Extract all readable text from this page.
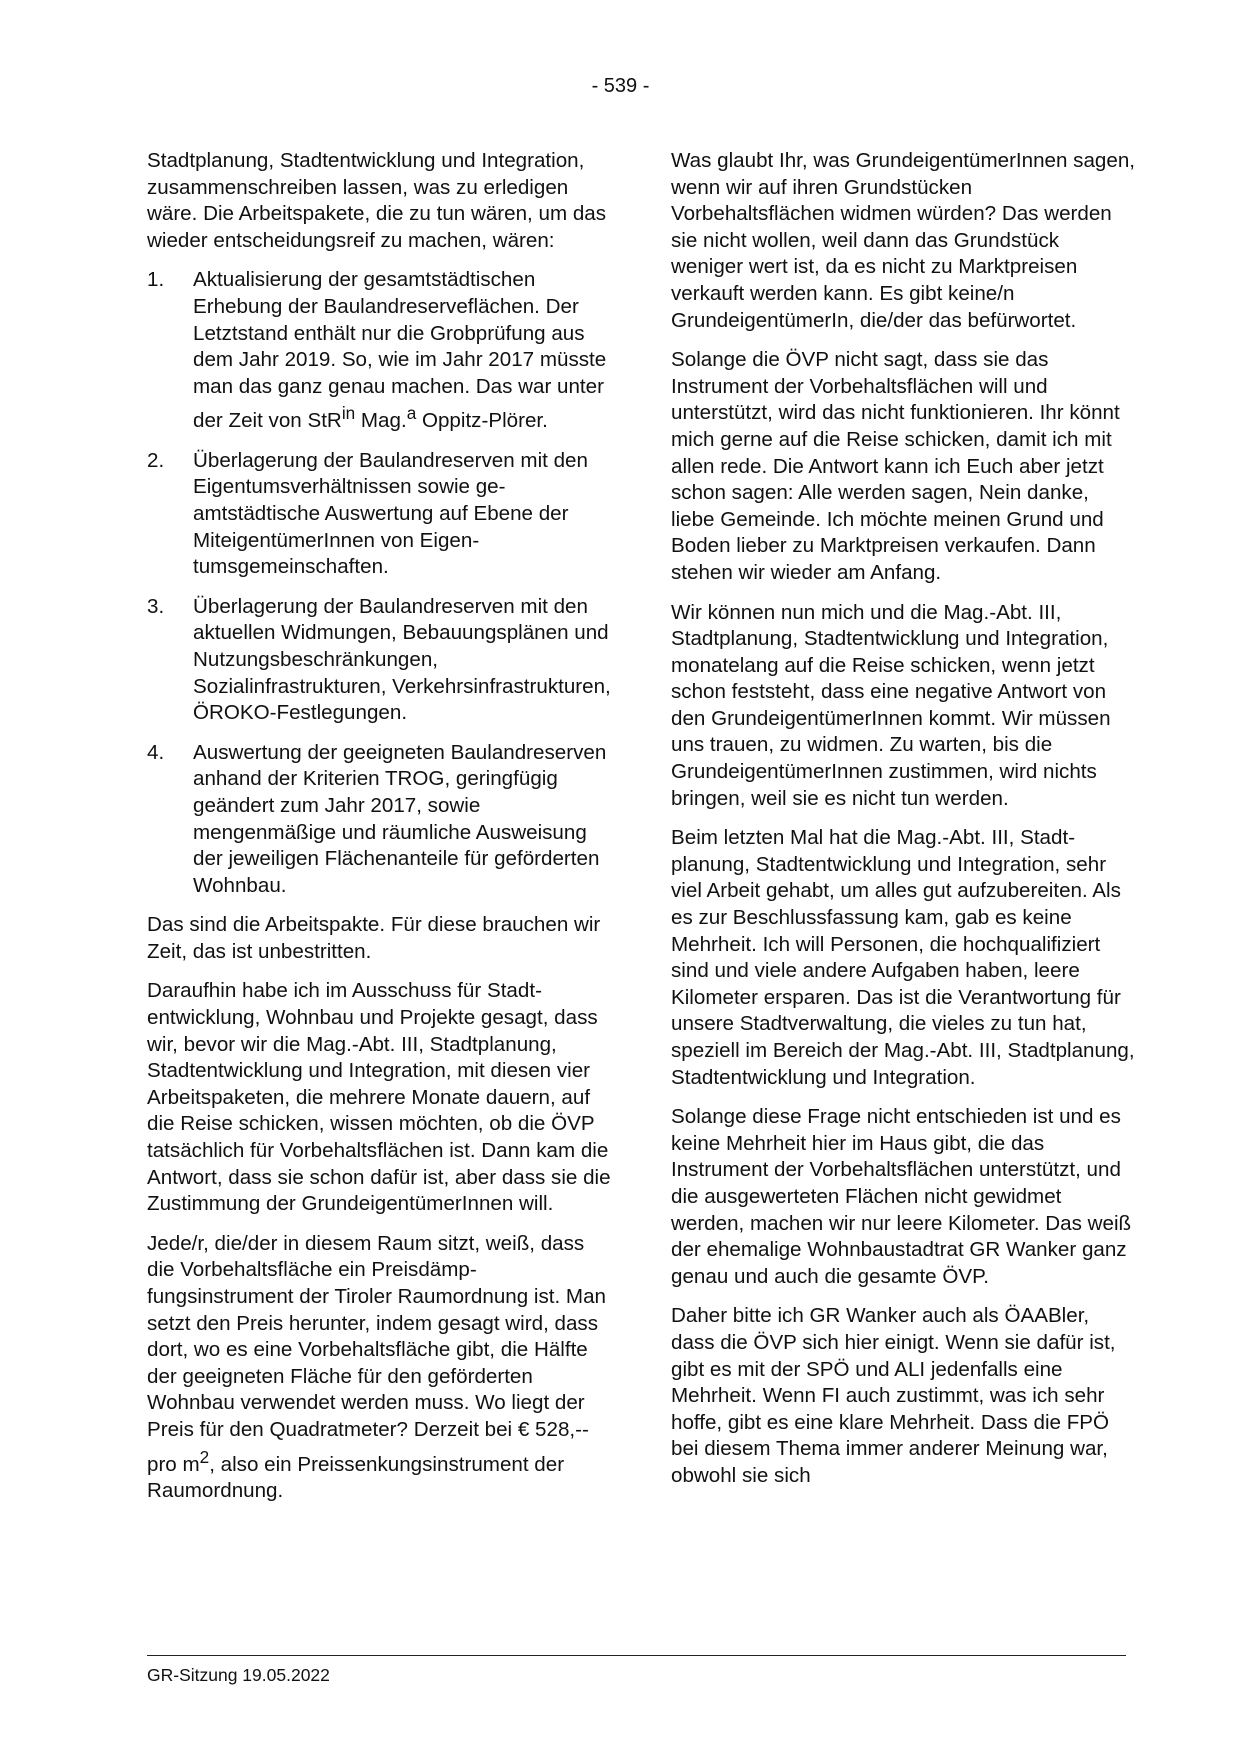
- 539 -

Stadtplanung, Stadtentwicklung und Integration, zusammenschreiben lassen, was zu erledigen wäre. Die Arbeitspakete, die zu tun wären, um das wieder entscheidungsreif zu machen, wären:

1.	Aktualisierung der gesamtstädtischen Erhebung der Baulandreserveflächen. Der Letztstand enthält nur die Grobprüfung aus dem Jahr 2019. So, wie im Jahr 2017 müsste man das ganz genau machen. Das war unter der Zeit von StR$^{in}$ Mag.$^a$ Oppitz-Plörer.
2.	Überlagerung der Baulandreserven mit den Eigentumsverhältnissen sowie geamtstädtische Auswertung auf Ebene der MiteigentümerInnen von Eigentumsgemeinschaften.
3.	Überlagerung der Baulandreserven mit den aktuellen Widmungen, Bebauungsplänen und Nutzungsbeschränkungen, Sozialinfrastrukturen, Verkehrsinfrastrukturen, ÖROKO-Festlegungen.
4.	Auswertung der geeigneten Baulandreserven anhand der Kriterien TROG, geringfügig geändert zum Jahr 2017, sowie mengenmäßige und räumliche Ausweisung der jeweiligen Flächenanteile für geförderten Wohnbau.

Das sind die Arbeitspakte. Für diese brauchen wir Zeit, das ist unbestritten.

Daraufhin habe ich im Ausschuss für Stadtentwicklung, Wohnbau und Projekte gesagt, dass wir, bevor wir die Mag.-Abt. III, Stadtplanung, Stadtentwicklung und Integration, mit diesen vier Arbeitspaketen, die mehrere Monate dauern, auf die Reise schicken, wissen möchten, ob die ÖVP tatsächlich für Vorbehaltsflächen ist. Dann kam die Antwort, dass sie schon dafür ist, aber dass sie die Zustimmung der GrundeigentümerInnen will.

Jede/r, die/der in diesem Raum sitzt, weiß, dass die Vorbehaltsfläche ein Preisdämpfungsinstrument der Tiroler Raumordnung ist. Man setzt den Preis herunter, indem gesagt wird, dass dort, wo es eine Vorbehaltsfläche gibt, die Hälfte der geeigneten Fläche für den geförderten Wohnbau verwendet werden muss. Wo liegt der Preis für den Quadratmeter? Derzeit bei € 528,-- pro $m^2$, also ein Preissenkungsinstrument der Raumordnung.

Was glaubt Ihr, was GrundeigentümerInnen sagen, wenn wir auf ihren Grundstücken Vorbehaltsflächen widmen würden? Das werden sie nicht wollen, weil dann das Grundstück weniger wert ist, da es nicht zu Marktpreisen verkauft werden kann. Es gibt keine/n GrundeigentümerIn, die/der das befürwortet.

Solange die ÖVP nicht sagt, dass sie das Instrument der Vorbehaltsflächen will und unterstützt, wird das nicht funktionieren. Ihr könnt mich gerne auf die Reise schicken, damit ich mit allen rede. Die Antwort kann ich Euch aber jetzt schon sagen: Alle werden sagen, Nein danke, liebe Gemeinde. Ich möchte meinen Grund und Boden lieber zu Marktpreisen verkaufen. Dann stehen wir wieder am Anfang.

Wir können nun mich und die Mag.-Abt. III, Stadtplanung, Stadtentwicklung und Integration, monatelang auf die Reise schicken, wenn jetzt schon feststeht, dass eine negative Antwort von den GrundeigentümerInnen kommt. Wir müssen uns trauen, zu widmen. Zu warten, bis die GrundeigentümerInnen zustimmen, wird nichts bringen, weil sie es nicht tun werden.

Beim letzten Mal hat die Mag.-Abt. III, Stadtplanung, Stadtentwicklung und Integration, sehr viel Arbeit gehabt, um alles gut aufzubereiten. Als es zur Beschlussfassung kam, gab es keine Mehrheit. Ich will Personen, die hochqualifiziert sind und viele andere Aufgaben haben, leere Kilometer ersparen. Das ist die Verantwortung für unsere Stadtverwaltung, die vieles zu tun hat, speziell im Bereich der Mag.-Abt. III, Stadtplanung, Stadtentwicklung und Integration.

Solange diese Frage nicht entschieden ist und es keine Mehrheit hier im Haus gibt, die das Instrument der Vorbehaltsflächen unterstützt, und die ausgewerteten Flächen nicht gewidmet werden, machen wir nur leere Kilometer. Das weiß der ehemalige Wohnbaustadtrat GR Wanker ganz genau und auch die gesamte ÖVP.

Daher bitte ich GR Wanker auch als ÖAABler, dass die ÖVP sich hier einigt. Wenn sie dafür ist, gibt es mit der SPÖ und ALI jedenfalls eine Mehrheit. Wenn FI auch zustimmt, was ich sehr hoffe, gibt es eine klare Mehrheit. Dass die FPÖ bei diesem Thema immer anderer Meinung war, obwohl sie sich

GR-Sitzung 19.05.2022
